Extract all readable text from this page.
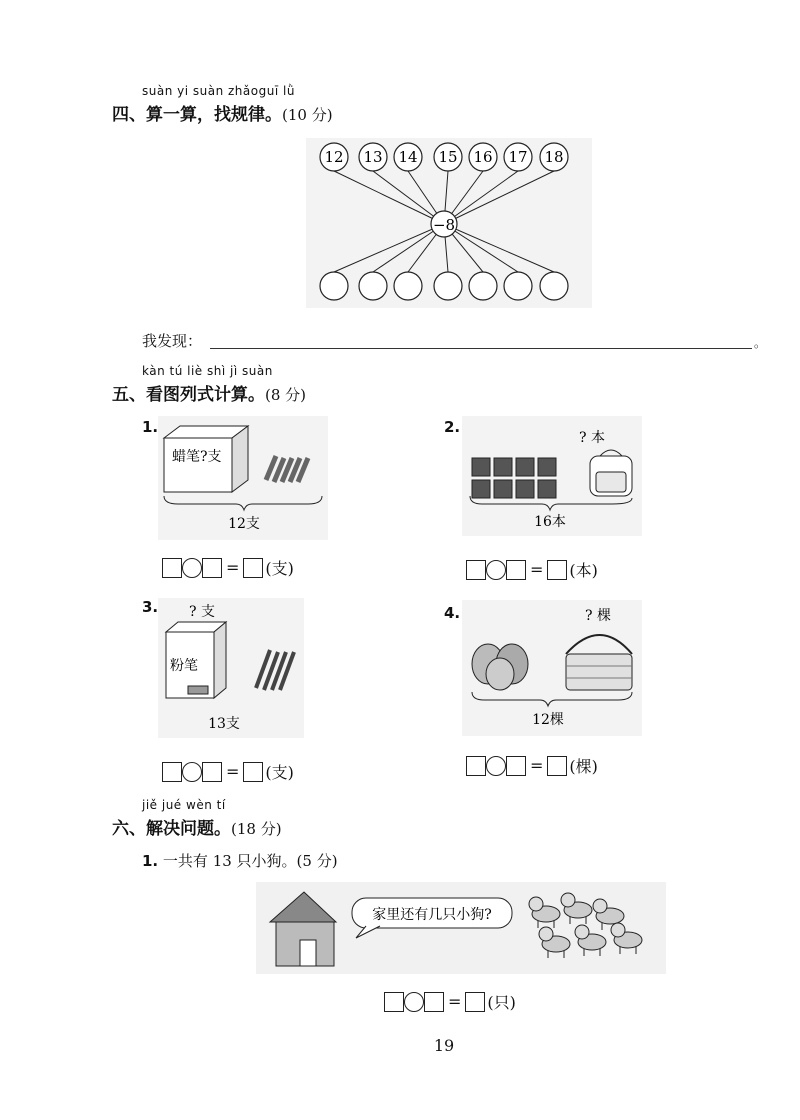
suàn yi suàn zhǎoguī lǜ
四、算一算，找规律。(10 分)
12 13 14 15 16 17 18
−8
我发现：	。
kàn tú liè shì jì suàn
五、看图列式计算。(8 分)
1.
蜡笔?支
12支
= (支)
2.
? 本
16本
= (本)
3. ? 支
粉笔
13支
= (支)
4.	? 棵
12棵
= (棵)
jiě jué wèn tí
六、解决问题。(18 分)
1. 一共有 13 只小狗。(5 分)
家里还有几只小狗?
= (只)
19
